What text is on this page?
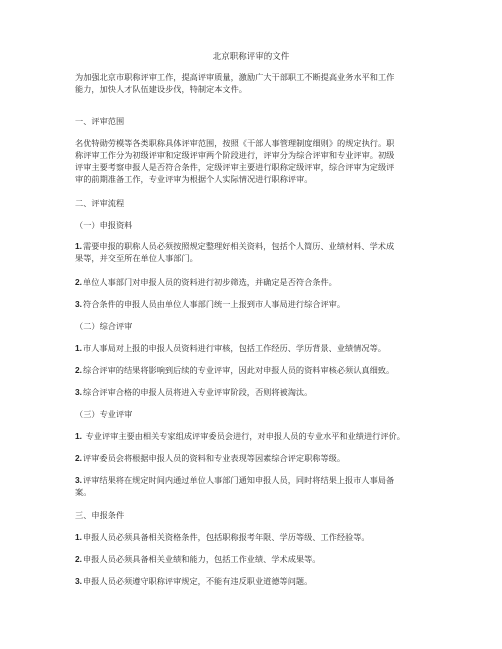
北京职称评审的文件
为加强北京市职称评审工作，提高评审质量，激励广大干部职工不断提高业务水平和工作
能力，加快人才队伍建设步伐，特制定本文件。
一、评审范围
名优特勋劳模等各类职称具体评审范围，按照《干部人事管理制度细则》的规定执行。职
称评审工作分为初级评审和定级评审两个阶段进行，评审分为综合评审和专业评审。初级
评审主要考察申报人是否符合条件，定级评审主要进行职称定级评审，综合评审为定级评
审的前期准备工作，专业评审为根据个人实际情况进行职称评审。
二、评审流程
（一）申报资料
1.需要申报的职称人员必须按照规定整理好相关资料，包括个人简历、业绩材料、学术成
果等，并交至所在单位人事部门。
2.单位人事部门对申报人员的资料进行初步筛选，并确定是否符合条件。
3.符合条件的申报人员由单位人事部门统一上报到市人事局进行综合评审。
（二）综合评审
1.市人事局对上报的申报人员资料进行审核，包括工作经历、学历背景、业绩情况等。
2.综合评审的结果将影响到后续的专业评审，因此对申报人员的资料审核必须认真细致。
3.综合评审合格的申报人员将进入专业评审阶段，否则将被淘汰。
（三）专业评审
1. 专业评审主要由相关专家组成评审委员会进行，对申报人员的专业水平和业绩进行评价。
2.评审委员会将根据申报人员的资料和专业表现等因素综合评定职称等级。
3.评审结果将在规定时间内通过单位人事部门通知申报人员，同时将结果上报市人事局备
案。
三、申报条件
1.申报人员必须具备相关资格条件，包括职称报考年限、学历等级、工作经验等。
2.申报人员必须具备相关业绩和能力，包括工作业绩、学术成果等。
3.申报人员必须遵守职称评审规定，不能有违反职业道德等问题。
